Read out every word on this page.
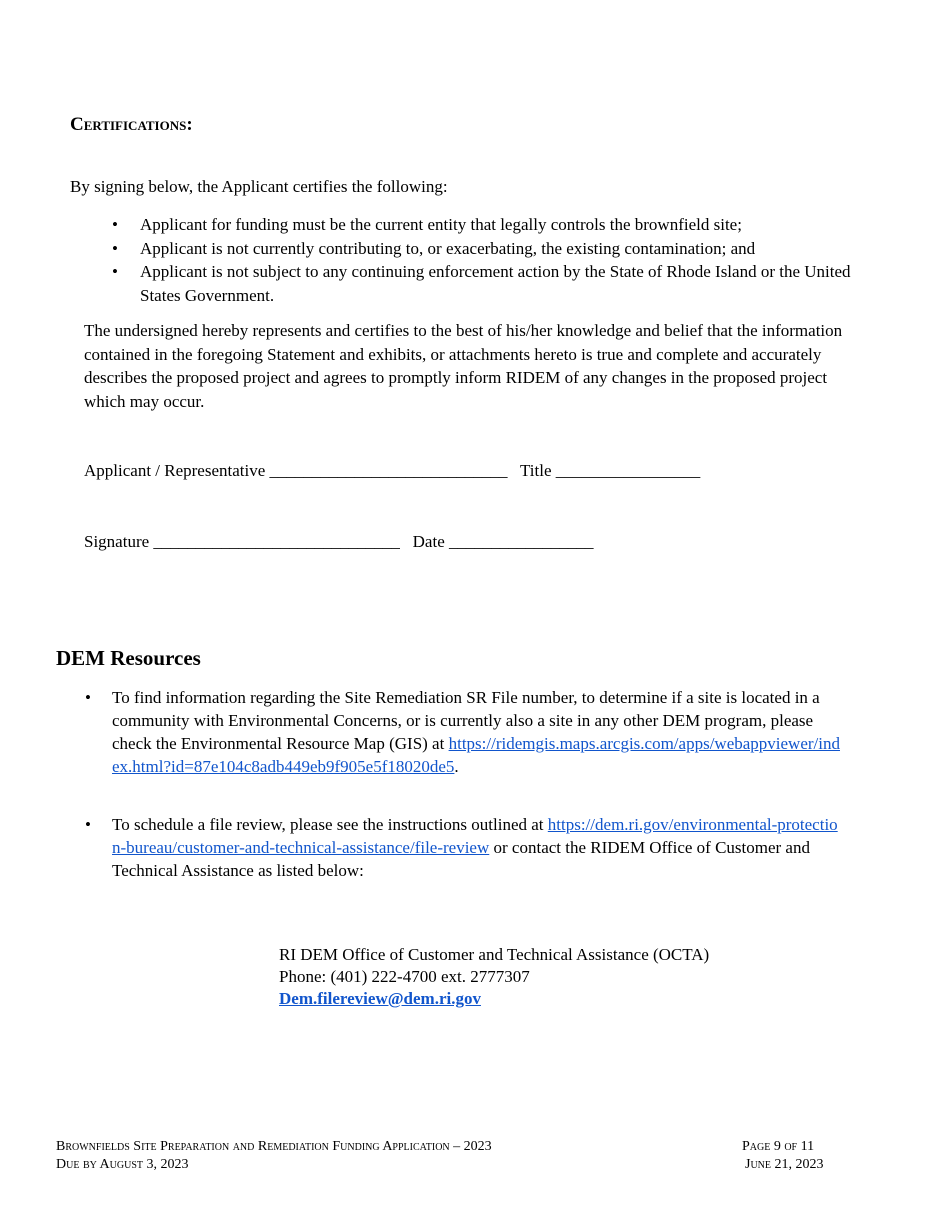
Certifications:
By signing below, the Applicant certifies the following:
• Applicant for funding must be the current entity that legally controls the brownfield site;
• Applicant is not currently contributing to, or exacerbating, the existing contamination; and
• Applicant is not subject to any continuing enforcement action by the State of Rhode Island or the United States Government.
The undersigned hereby represents and certifies to the best of his/her knowledge and belief that the information contained in the foregoing Statement and exhibits, or attachments hereto is true and complete and accurately describes the proposed project and agrees to promptly inform RIDEM of any changes in the proposed project which may occur.
Applicant / Representative ____________________________ Title _________________
Signature _____________________________ Date _________________
DEM Resources
• To find information regarding the Site Remediation SR File number, to determine if a site is located in a community with Environmental Concerns, or is currently also a site in any other DEM program, please check the Environmental Resource Map (GIS) at https://ridemgis.maps.arcgis.com/apps/webappviewer/index.html?id=87e104c8adb449eb9f905e5f18020de5.
• To schedule a file review, please see the instructions outlined at https://dem.ri.gov/environmental-protection-bureau/customer-and-technical-assistance/file-review or contact the RIDEM Office of Customer and Technical Assistance as listed below:
RI DEM Office of Customer and Technical Assistance (OCTA)
Phone: (401) 222-4700 ext. 2777307
Dem.filereview@dem.ri.gov
Brownfields Site Preparation and Remediation Funding Application – 2023
Due by August 3, 2023
Page 9 of 11
June 21, 2023
